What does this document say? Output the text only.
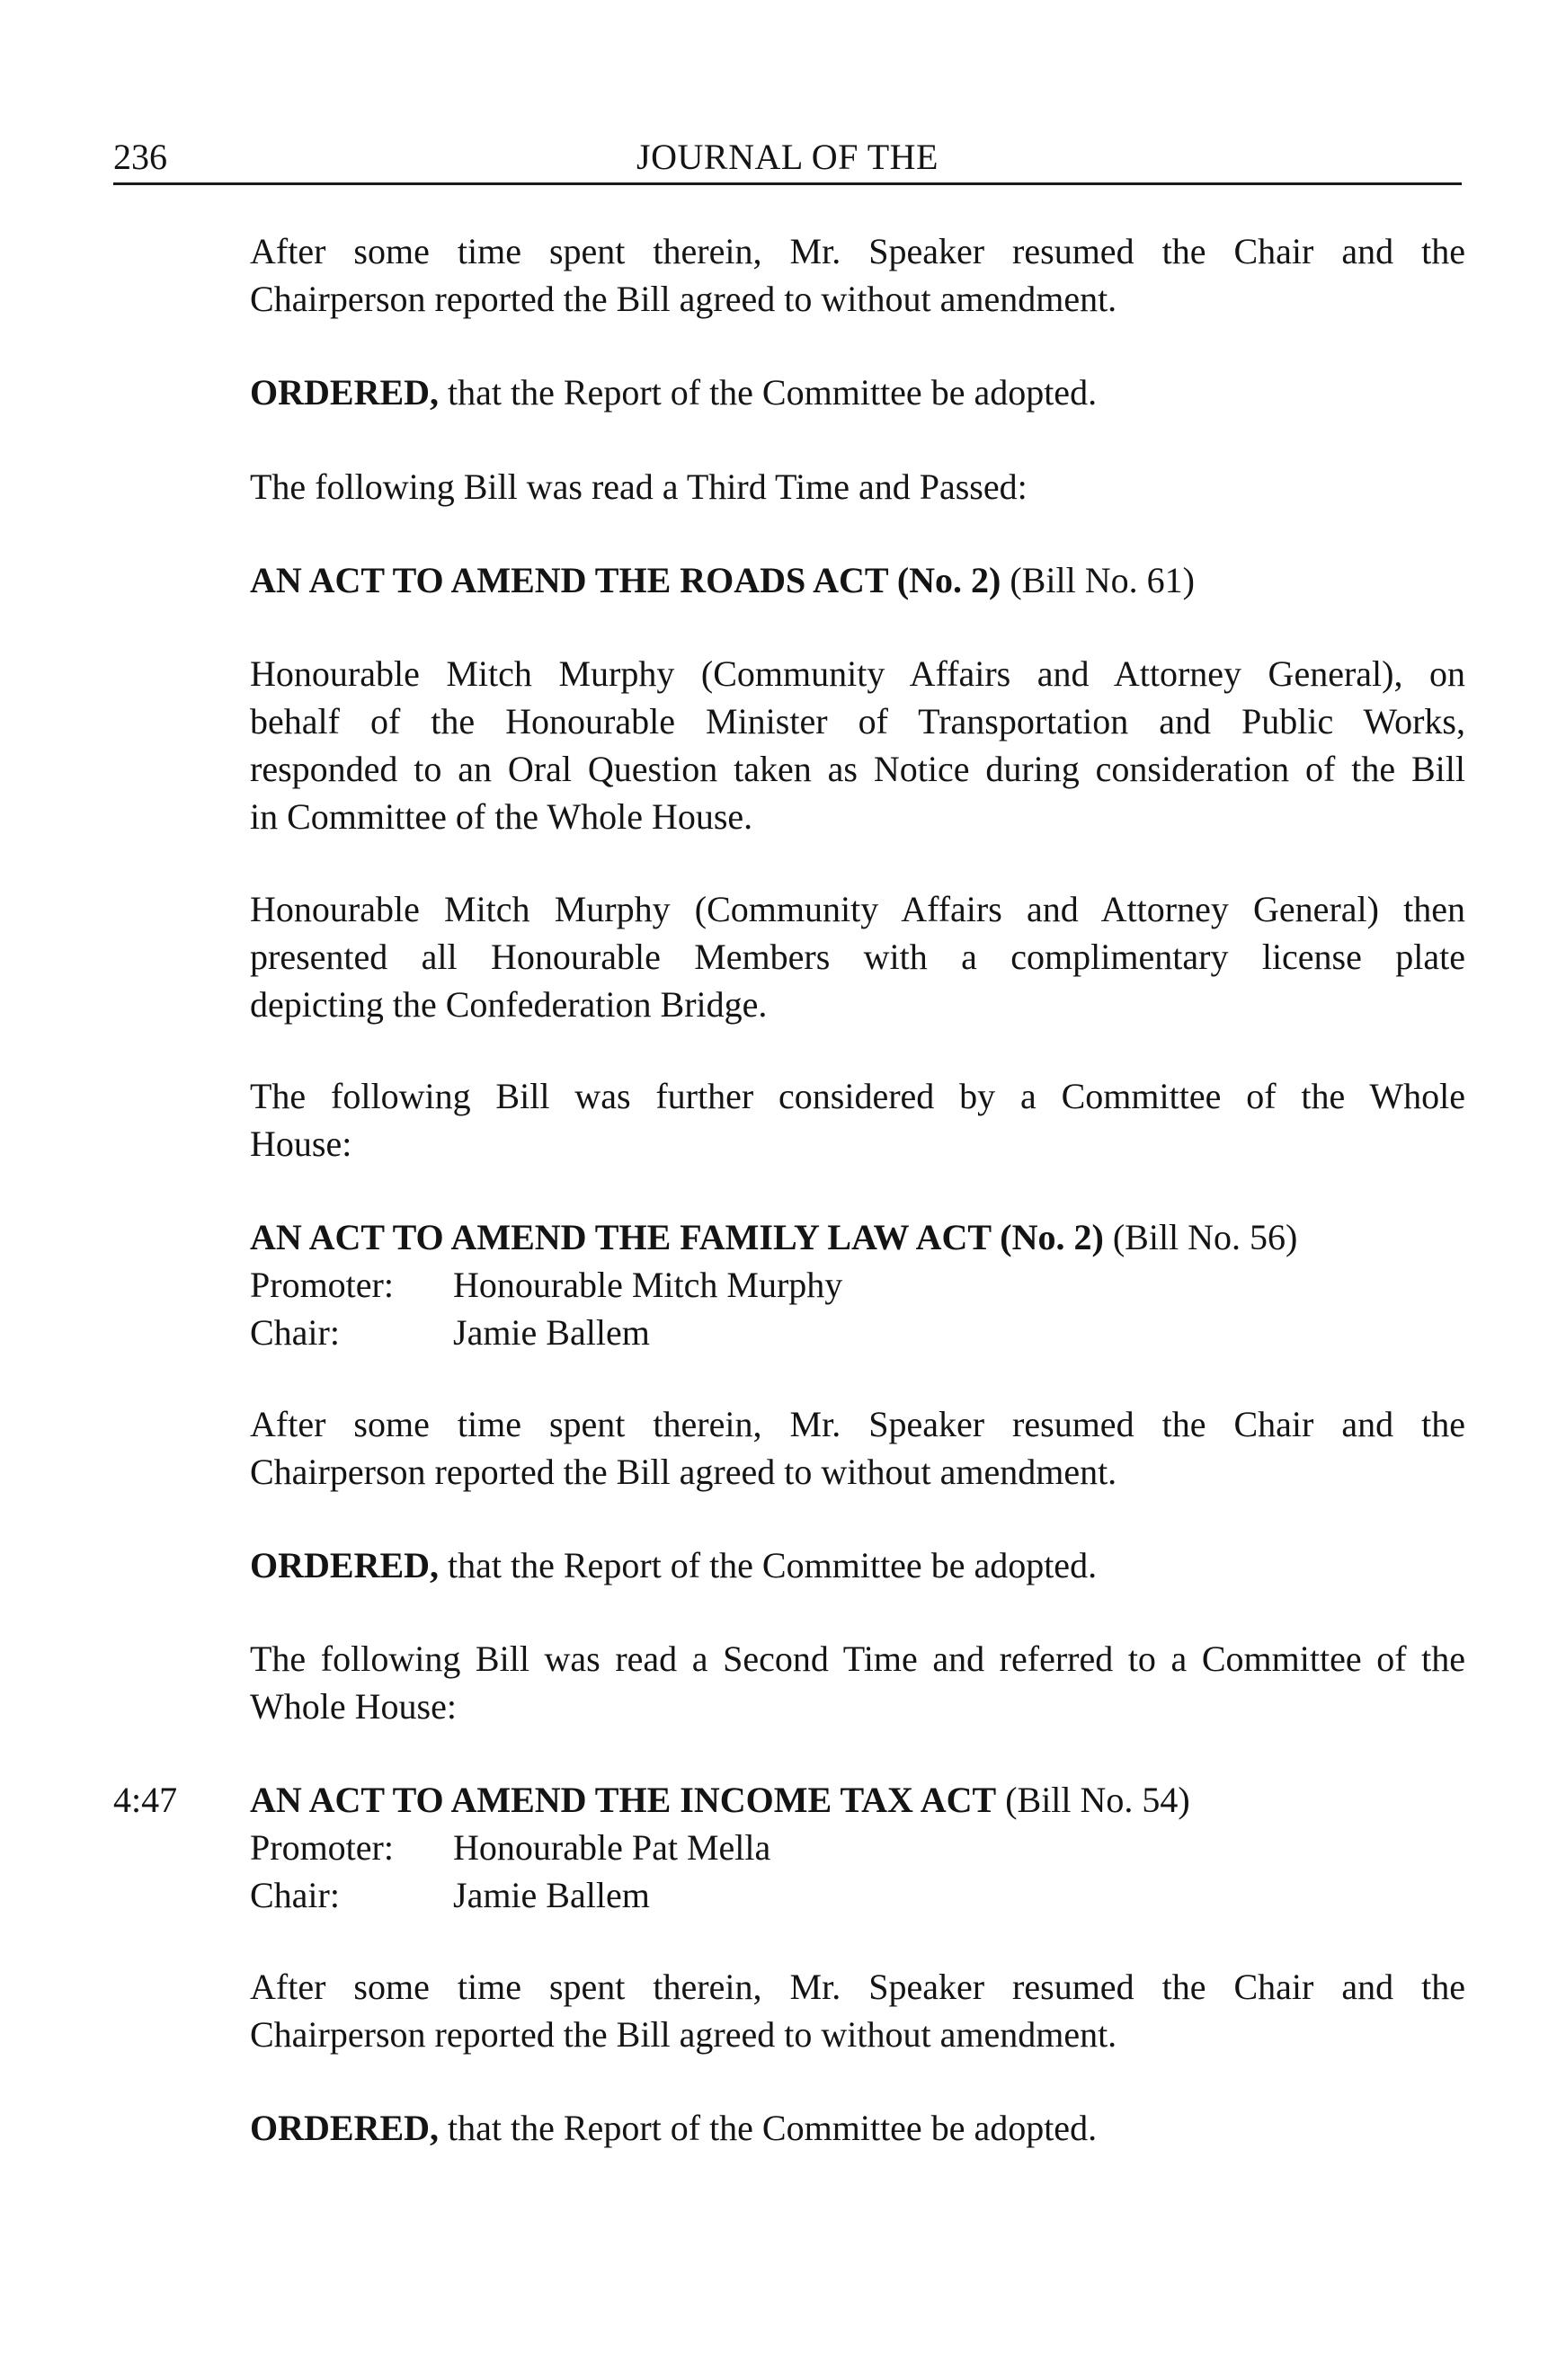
236	JOURNAL OF THE
After some time spent therein, Mr. Speaker resumed the Chair and the
Chairperson reported the Bill agreed to without amendment.
ORDERED, that the Report of the Committee be adopted.
The following Bill was read a Third Time and Passed:
AN ACT TO AMEND THE ROADS ACT (No. 2) (Bill No. 61)
Honourable Mitch Murphy (Community Affairs and Attorney General), on
behalf of the Honourable Minister of Transportation and Public Works,
responded to an Oral Question taken as Notice during consideration of the Bill
in Committee of the Whole House.
Honourable Mitch Murphy (Community Affairs and Attorney General) then
presented all Honourable Members with a complimentary license plate
depicting the Confederation Bridge.
The following Bill was further considered by a Committee of the Whole
House:
AN ACT TO AMEND THE FAMILY LAW ACT (No. 2) (Bill No. 56)
Promoter: Honourable Mitch Murphy
Chair:	Jamie Ballem
After some time spent therein, Mr. Speaker resumed the Chair and the
Chairperson reported the Bill agreed to without amendment.
ORDERED, that the Report of the Committee be adopted.
The following Bill was read a Second Time and referred to a Committee of the
Whole House:
4:47 AN ACT TO AMEND THE INCOME TAX ACT (Bill No. 54)
Promoter: Honourable Pat Mella
Chair:	Jamie Ballem
After some time spent therein, Mr. Speaker resumed the Chair and the
Chairperson reported the Bill agreed to without amendment.
ORDERED, that the Report of the Committee be adopted.
